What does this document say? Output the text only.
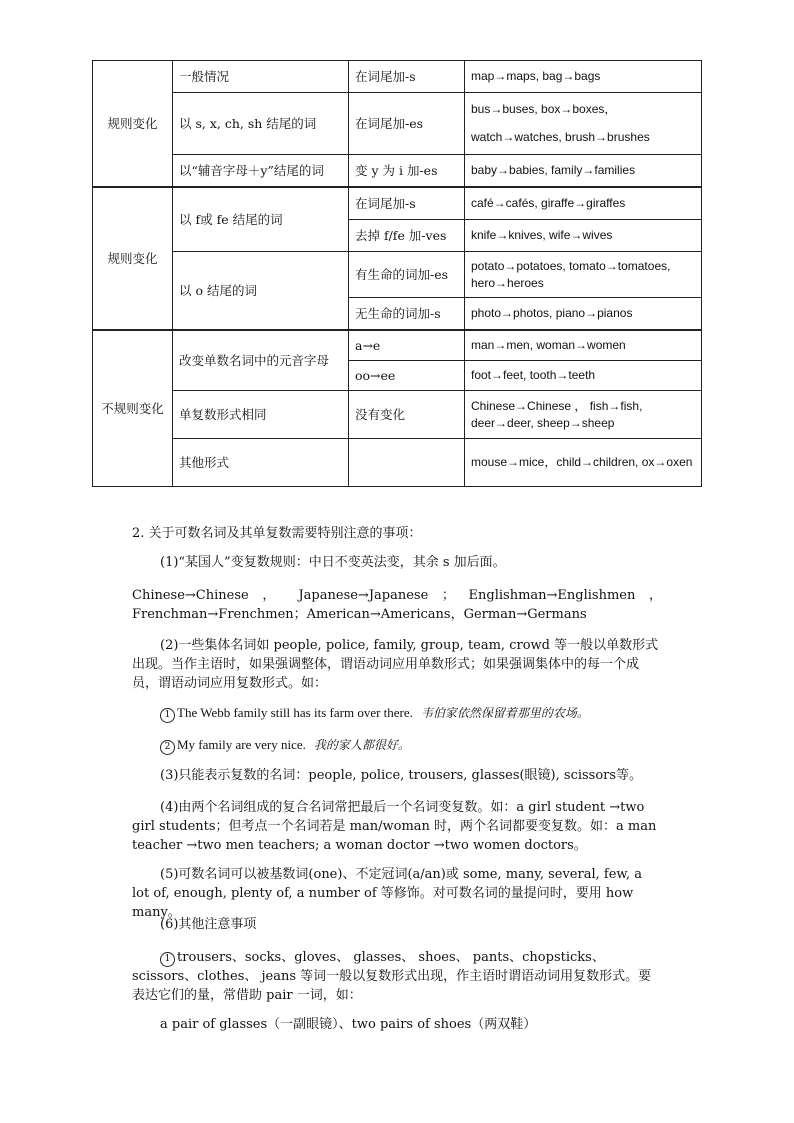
规则变化	一般情况	在词尾加-s	map→maps, bag→bags
	以 s, x, ch, sh 结尾的词	在词尾加-es	bus→buses, box→boxes，
watch→watches, brush→brushes

	以“辅音字母＋y”结尾的词	变 y 为 i 加-es	baby→babies, family→families
规则变化	以 f或 fe 结尾的词	在词尾加-s	café→cafés, giraffe→giraffes
		去掉 f/fe 加-ves	knife→knives, wife→wives
	以 o 结尾的词	有生命的词加-es	potato→potatoes, tomato→tomatoes, hero→heroes
		无生命的词加-s	photo→photos, piano→pianos
不规则变化	改变单数名词中的元音字母	a→e	man→men, woman→women
		oo→ee	foot→feet, tooth→teeth
	单复数形式相同	没有变化	Chinese→Chinese ， fish→fish, deer→deer, sheep→sheep
	其他形式		mouse→mice，child→children, ox→oxen
2. 关于可数名词及其单复数需要特别注意的事项：
(1)“某国人”变复数规则：中日不变英法变，其余 s 加后面。
Chinese→Chinese ， Japanese→Japanese ； Englishman→Englishmen ， Frenchman→Frenchmen；American→Americans，German→Germans
(2)一些集体名词如 people, police, family, group, team, crowd 等一般以单数形式出现。当作主语时，如果强调整体，谓语动词应用单数形式；如果强调集体中的每一个成员，谓语动词应用复数形式。如：
1 The Webb family still has its farm over there. 韦伯家依然保留着那里的农场。
2 My family are very nice. 我的家人都很好。
(3)只能表示复数的名词：people, police, trousers, glasses(眼镜), scissors等。
(4)由两个名词组成的复合名词常把最后一个名词变复数。如：a girl student →two girl students；但考点一个名词若是 man/woman 时，两个名词都要变复数。如：a man teacher →two men teachers; a woman doctor →two women doctors。
(5)可数名词可以被基数词(one)、不定冠词(a/an)或 some, many, several, few, a lot of, enough, plenty of, a number of 等修饰。对可数名词的量提问时，要用 how many。
(6)其他注意事项
1 trousers、socks、gloves、 glasses、 shoes、 pants、chopsticks、 scissors、clothes、 jeans 等词一般以复数形式出现，作主语时谓语动词用复数形式。要表达它们的量，常借助 pair 一词，如：
a pair of glasses（一副眼镜）、two pairs of shoes（两双鞋）
